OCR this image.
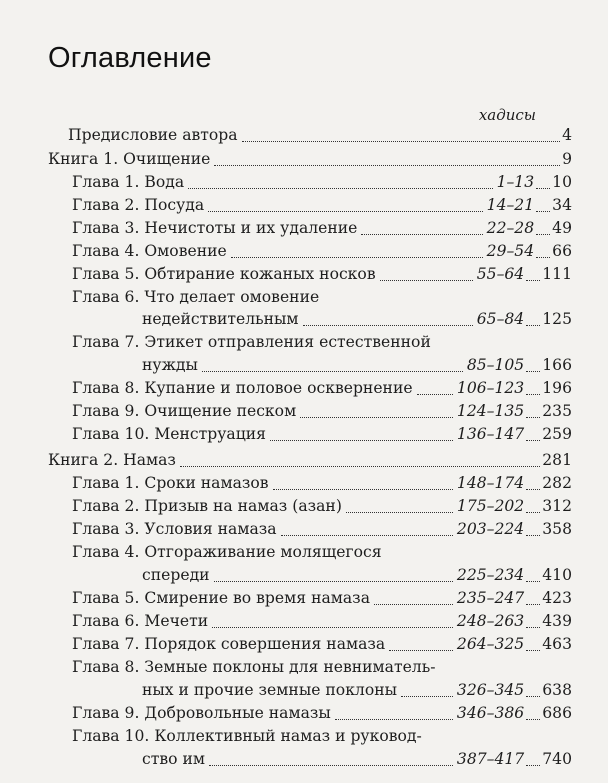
Оглавление
хадисы
Предисловие автора	4
Книга 1. Очищение	9
Глава 1. Вода	1–13 10
Глава 2. Посуда	14–21 34
Глава 3. Нечистоты и их удаление	22–28 49
Глава 4. Омовение	29–54 66
Глава 5. Обтирание кожаных носков	55–64 111
Глава 6. Что делает омовение
недействительным	65–84 125
Глава 7. Этикет отправления естественной
нужды	85–105 166
Глава 8. Купание и половое осквернение	106–123 196
Глава 9. Очищение песком	124–135 235
Глава 10. Менструация	136–147 259
Книга 2. Намаз	281
Глава 1. Сроки намазов	148–174 282
Глава 2. Призыв на намаз (азан)	175–202 312
Глава 3. Условия намаза	203–224 358
Глава 4. Отгораживание молящегося
спереди	225–234 410
Глава 5. Смирение во время намаза	235–247 423
Глава 6. Мечети	248–263 439
Глава 7. Порядок совершения намаза	264–325 463
Глава 8. Земные поклоны для невниматель-
ных и прочие земные поклоны	326–345 638
Глава 9. Добровольные намазы	346–386 686
Глава 10. Коллективный намаз и руковод-
ство им	387–417 740
